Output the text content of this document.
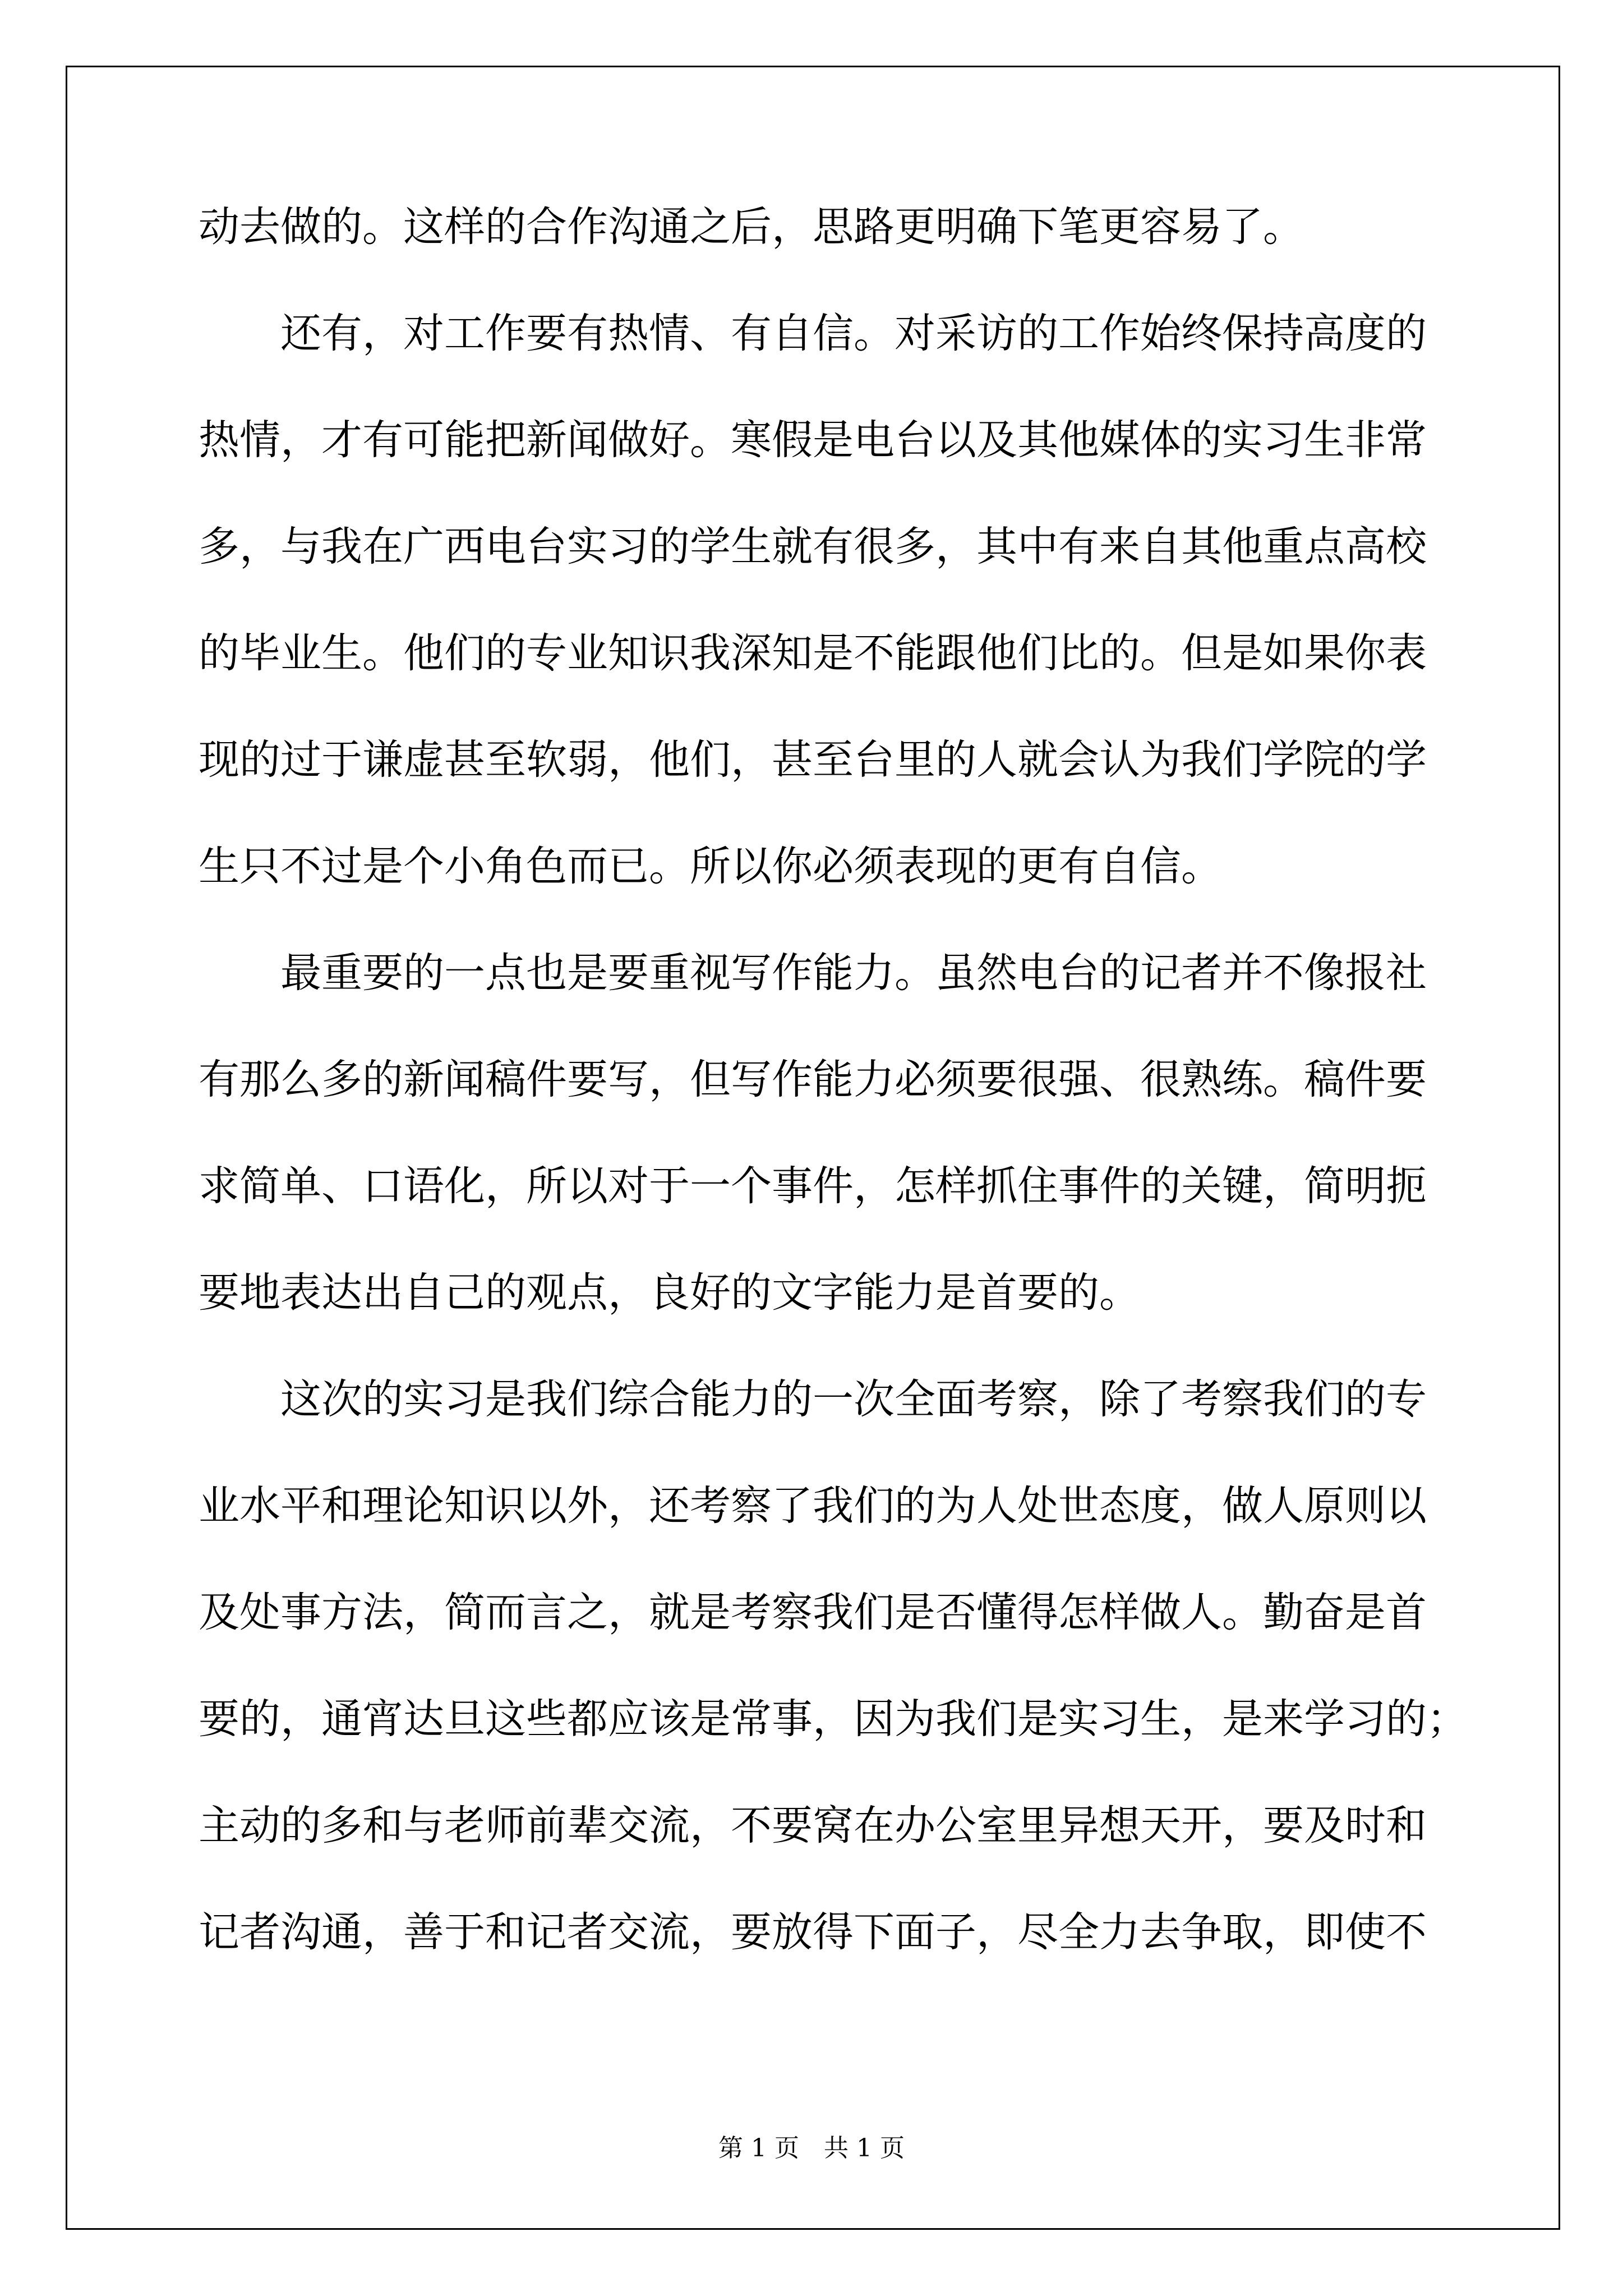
动去做的。这样的合作沟通之后，思路更明确下笔更容易了。
还有，对工作要有热情、有自信。对采访的工作始终保持高度的
热情，才有可能把新闻做好。寒假是电台以及其他媒体的实习生非常
多，与我在广西电台实习的学生就有很多，其中有来自其他重点高校
的毕业生。他们的专业知识我深知是不能跟他们比的。但是如果你表
现的过于谦虚甚至软弱，他们，甚至台里的人就会认为我们学院的学
生只不过是个小角色而已。所以你必须表现的更有自信。
最重要的一点也是要重视写作能力。虽然电台的记者并不像报社
有那么多的新闻稿件要写，但写作能力必须要很强、很熟练。稿件要
求简单、口语化，所以对于一个事件，怎样抓住事件的关键，简明扼
要地表达出自己的观点，良好的文字能力是首要的。
这次的实习是我们综合能力的一次全面考察，除了考察我们的专
业水平和理论知识以外，还考察了我们的为人处世态度，做人原则以
及处事方法，简而言之，就是考察我们是否懂得怎样做人。勤奋是首
要的，通宵达旦这些都应该是常事，因为我们是实习生，是来学习的；
主动的多和与老师前辈交流，不要窝在办公室里异想天开，要及时和
记者沟通，善于和记者交流，要放得下面子，尽全力去争取，即使不
第 1 页　共 1 页
